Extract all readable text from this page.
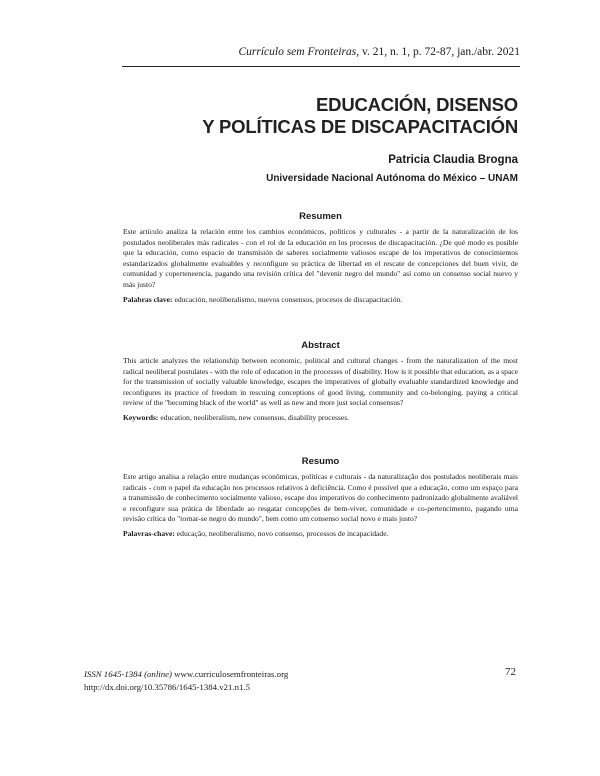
Currículo sem Fronteiras, v. 21, n. 1, p. 72-87, jan./abr. 2021
EDUCACIÓN, DISENSO
Y POLÍTICAS DE DISCAPACITACIÓN
Patricia Claudia Brogna
Universidade Nacional Autónoma do México – UNAM
Resumen
Este artículo analiza la relación entre los cambios económicos, políticos y culturales - a partir de la naturalización de los postulados neoliberales más radicales - con el rol de la educación en los procesos de discapacitación. ¿De qué modo es posible que la educación, como espacio de transmisión de saberes socialmente valiosos escape de los imperativos de conocimientos estandarizados globalmente evaluables y reconfigure su práctica de libertad en el rescate de concepciones del buen vivir, de comunidad y coperteneencia, pagando una revisión crítica del "devenir negro del mundo" así como un consenso social nuevo y más justo?
Palabras clave: educación, neoliberalismo, nuevos consensos, procesos de discapacitación.
Abstract
This article analyzes the relationship between economic, political and cultural changes - from the naturalization of the most radical neoliberal postulates - with the role of education in the processes of disability. How is it possible that education, as a space for the transmission of socially valuable knowledge, escapes the imperatives of globally evaluable standardized knowledge and reconfigures its practice of freedom in rescuing conceptions of good living, community and co-belonging, paying a critical review of the "becoming black of the world" as well as new and more just social consensus?
Keywords: education, neoliberalism, new consensus, disability processes.
Resumo
Este artigo analisa a relação entre mudanças econômicas, políticas e culturais - da naturalização dos postulados neoliberais mais radicais - com o papel da educação nos processos relativos à deficiência. Como é possível que a educação, como um espaço para a transmissão de conhecimento socialmente valioso, escape dos imperativos do conhecimento padronizado globalmente avaliável e reconfigure sua prática de liberdade ao resgatar concepções de bem-viver, comunidade e co-pertencimento, pagando uma revisão crítica do "tornar-se negro do mundo", bem como um consenso social novo e mais justo?
Palavras-chave: educação, neoliberalismo, novo consenso, processos de incapacidade.
ISSN 1645-1384 (online) www.curriculosemfronteiras.org
http://dx.doi.org/10.35786/1645-1384.v21.n1.5
72
